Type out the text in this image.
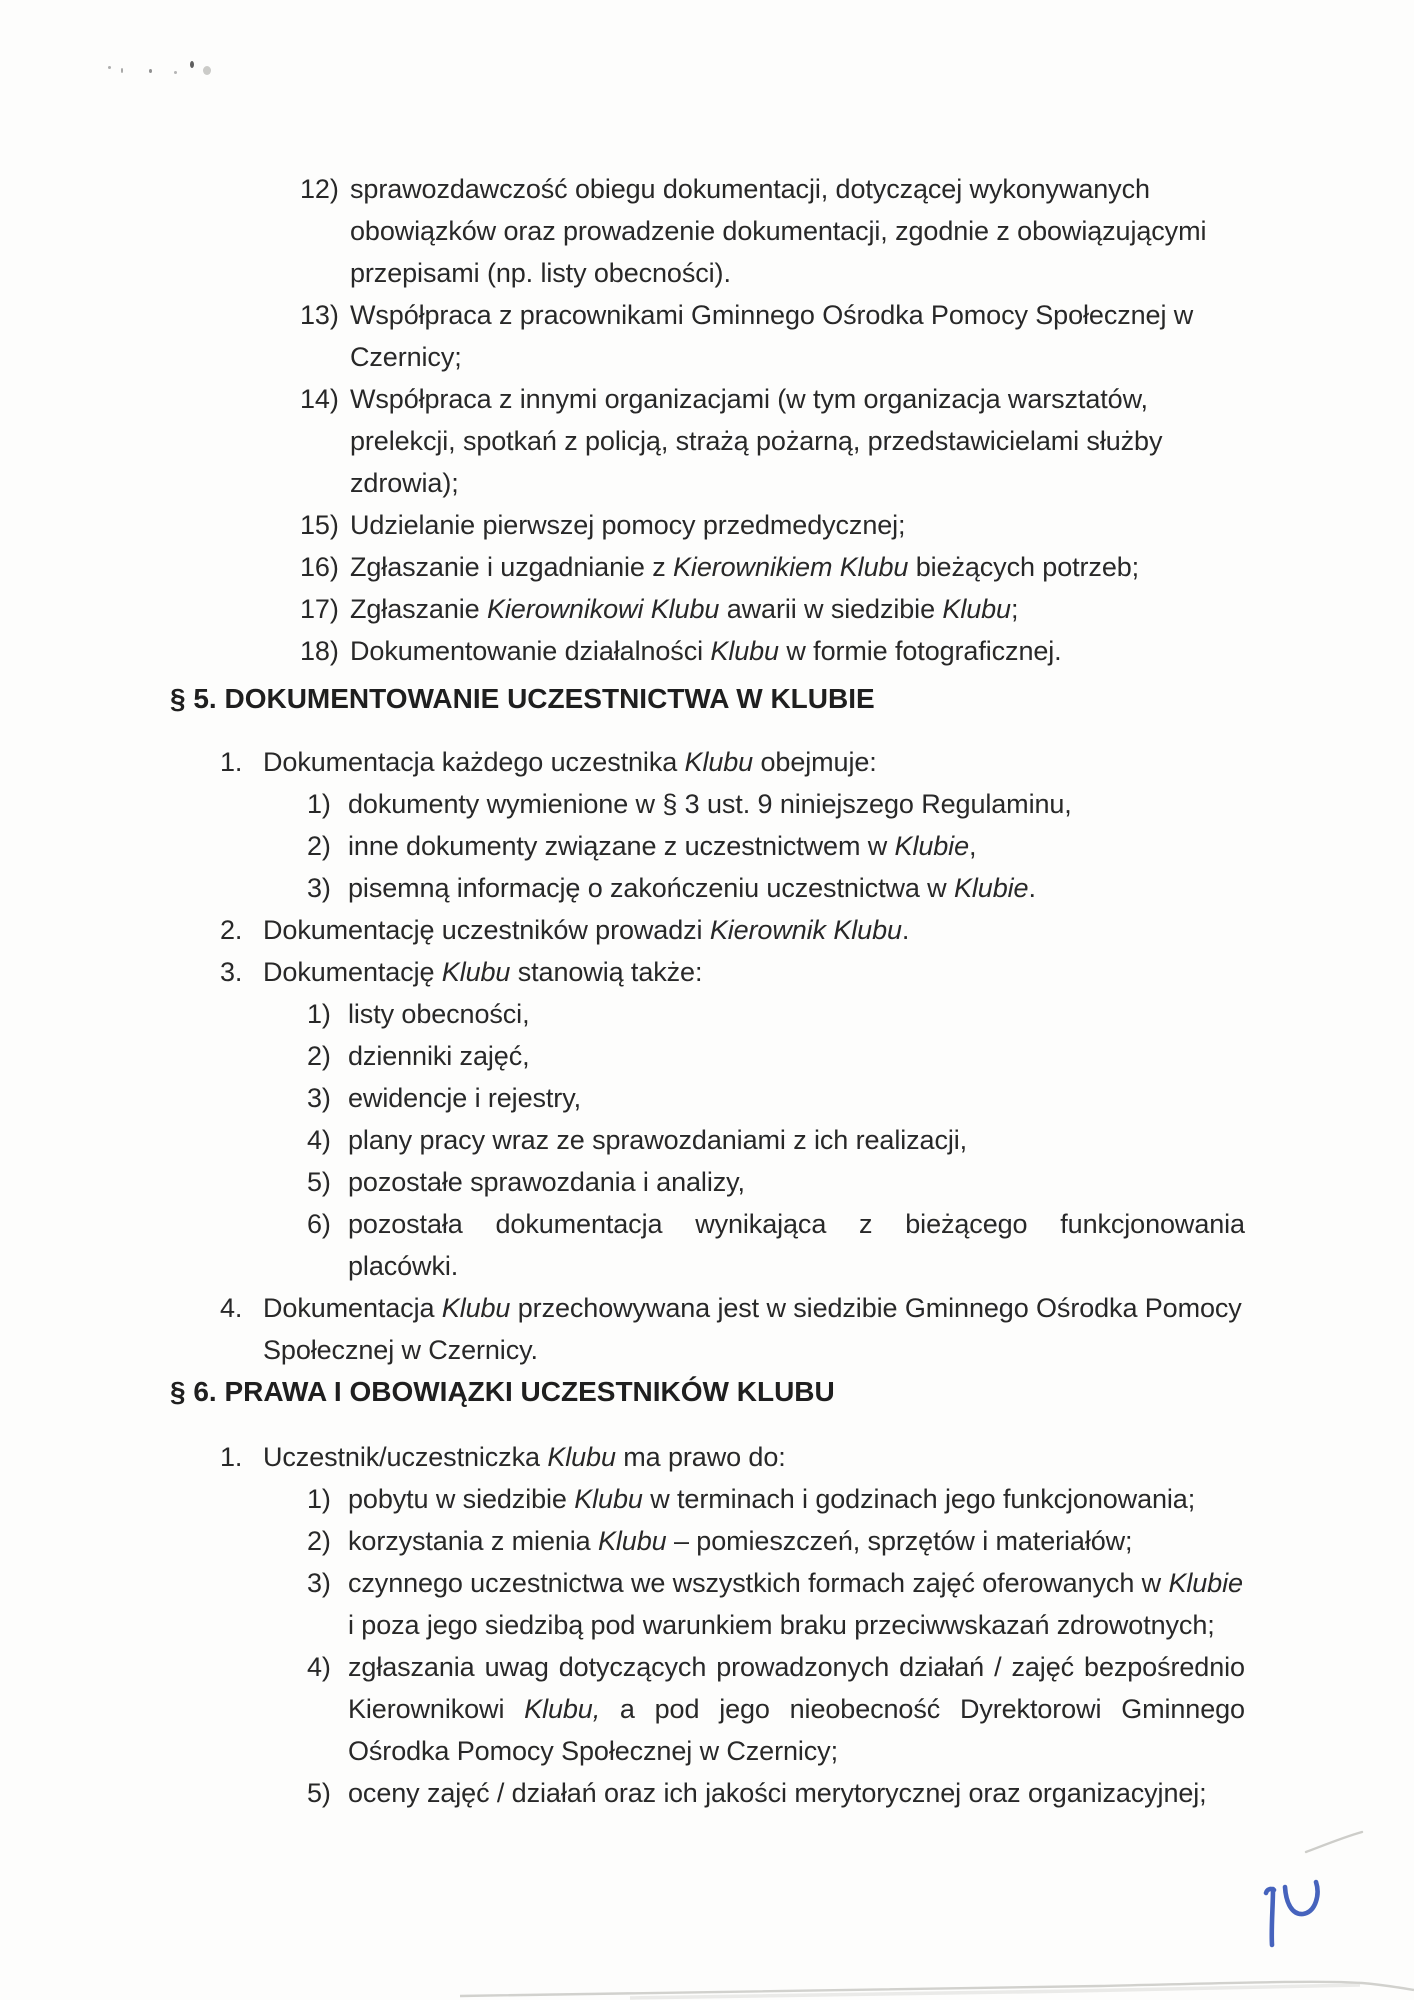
12) sprawozdawczość obiegu dokumentacji, dotyczącej wykonywanych
obowiązków oraz prowadzenie dokumentacji, zgodnie z obowiązującymi
przepisami (np. listy obecności).
13) Współpraca z pracownikami Gminnego Ośrodka Pomocy Społecznej w
Czernicy;
14) Współpraca z innymi organizacjami (w tym organizacja warsztatów,
prelekcji, spotkań z policją, strażą pożarną, przedstawicielami służby
zdrowia);
15) Udzielanie pierwszej pomocy przedmedycznej;
16) Zgłaszanie i uzgadnianie z Kierownikiem Klubu bieżących potrzeb;
17) Zgłaszanie Kierownikowi Klubu awarii w siedzibie Klubu;
18) Dokumentowanie działalności Klubu w formie fotograficznej.
§ 5. DOKUMENTOWANIE UCZESTNICTWA W KLUBIE
1. Dokumentacja każdego uczestnika Klubu obejmuje:
1) dokumenty wymienione w § 3 ust. 9 niniejszego Regulaminu,
2) inne dokumenty związane z uczestnictwem w Klubie,
3) pisemną informację o zakończeniu uczestnictwa w Klubie.
2. Dokumentację uczestników prowadzi Kierownik Klubu.
3. Dokumentację Klubu stanowią także:
1) listy obecności,
2) dzienniki zajęć,
3) ewidencje i rejestry,
4) plany pracy wraz ze sprawozdaniami z ich realizacji,
5) pozostałe sprawozdania i analizy,
6) pozostała dokumentacja wynikająca z bieżącego funkcjonowania
placówki.
4. Dokumentacja Klubu przechowywana jest w siedzibie Gminnego Ośrodka Pomocy
Społecznej w Czernicy.
§ 6. PRAWA I OBOWIĄZKI UCZESTNIKÓW KLUBU
1. Uczestnik/uczestniczka Klubu ma prawo do:
1) pobytu w siedzibie Klubu w terminach i godzinach jego funkcjonowania;
2) korzystania z mienia Klubu – pomieszczeń, sprzętów i materiałów;
3) czynnego uczestnictwa we wszystkich formach zajęć oferowanych w Klubie
i poza jego siedzibą pod warunkiem braku przeciwwskazań zdrowotnych;
4) zgłaszania uwag dotyczących prowadzonych działań / zajęć bezpośrednio
Kierownikowi Klubu, a pod jego nieobecność Dyrektorowi Gminnego
Ośrodka Pomocy Społecznej w Czernicy;
5) oceny zajęć / działań oraz ich jakości merytorycznej oraz organizacyjnej;
